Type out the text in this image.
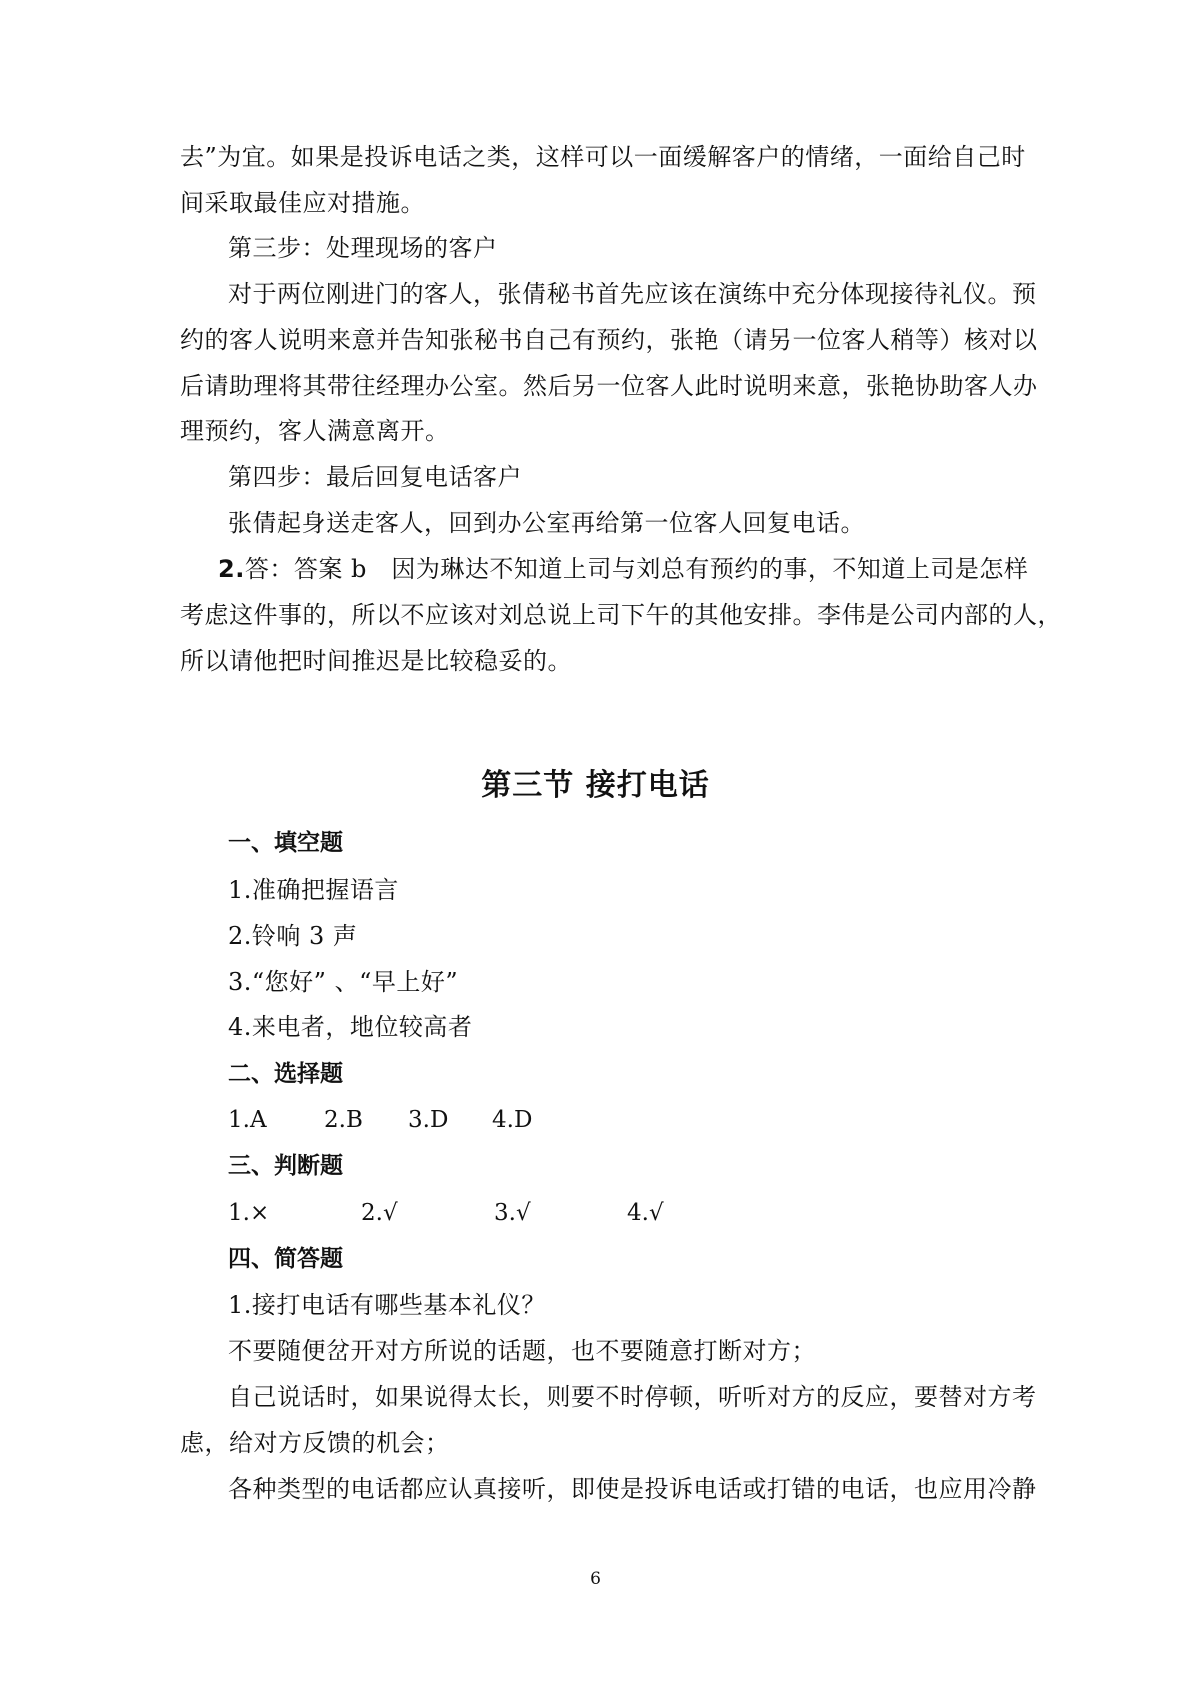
去”为宜。如果是投诉电话之类，这样可以一面缓解客户的情绪，一面给自己时
间采取最佳应对措施。
第三步：处理现场的客户
对于两位刚进门的客人，张倩秘书首先应该在演练中充分体现接待礼仪。预
约的客人说明来意并告知张秘书自己有预约，张艳（请另一位客人稍等）核对以
后请助理将其带往经理办公室。然后另一位客人此时说明来意，张艳协助客人办
理预约，客人满意离开。
第四步：最后回复电话客户
张倩起身送走客人，回到办公室再给第一位客人回复电话。
2.答：答案 b　因为琳达不知道上司与刘总有预约的事，不知道上司是怎样
考虑这件事的，所以不应该对刘总说上司下午的其他安排。李伟是公司内部的人，
所以请他把时间推迟是比较稳妥的。
第三节 接打电话
一、填空题
1.准确把握语言
2.铃响 3 声
3.“您好” 、“早上好”
4.来电者，地位较高者
二、选择题
1.A 2.B 3.D 4.D
三、判断题
1.×	2.√	3.√	4.√
四、简答题
1.接打电话有哪些基本礼仪？
不要随便岔开对方所说的话题，也不要随意打断对方；
自己说话时，如果说得太长，则要不时停顿，听听对方的反应，要替对方考
虑，给对方反馈的机会；
各种类型的电话都应认真接听，即使是投诉电话或打错的电话，也应用冷静
6
